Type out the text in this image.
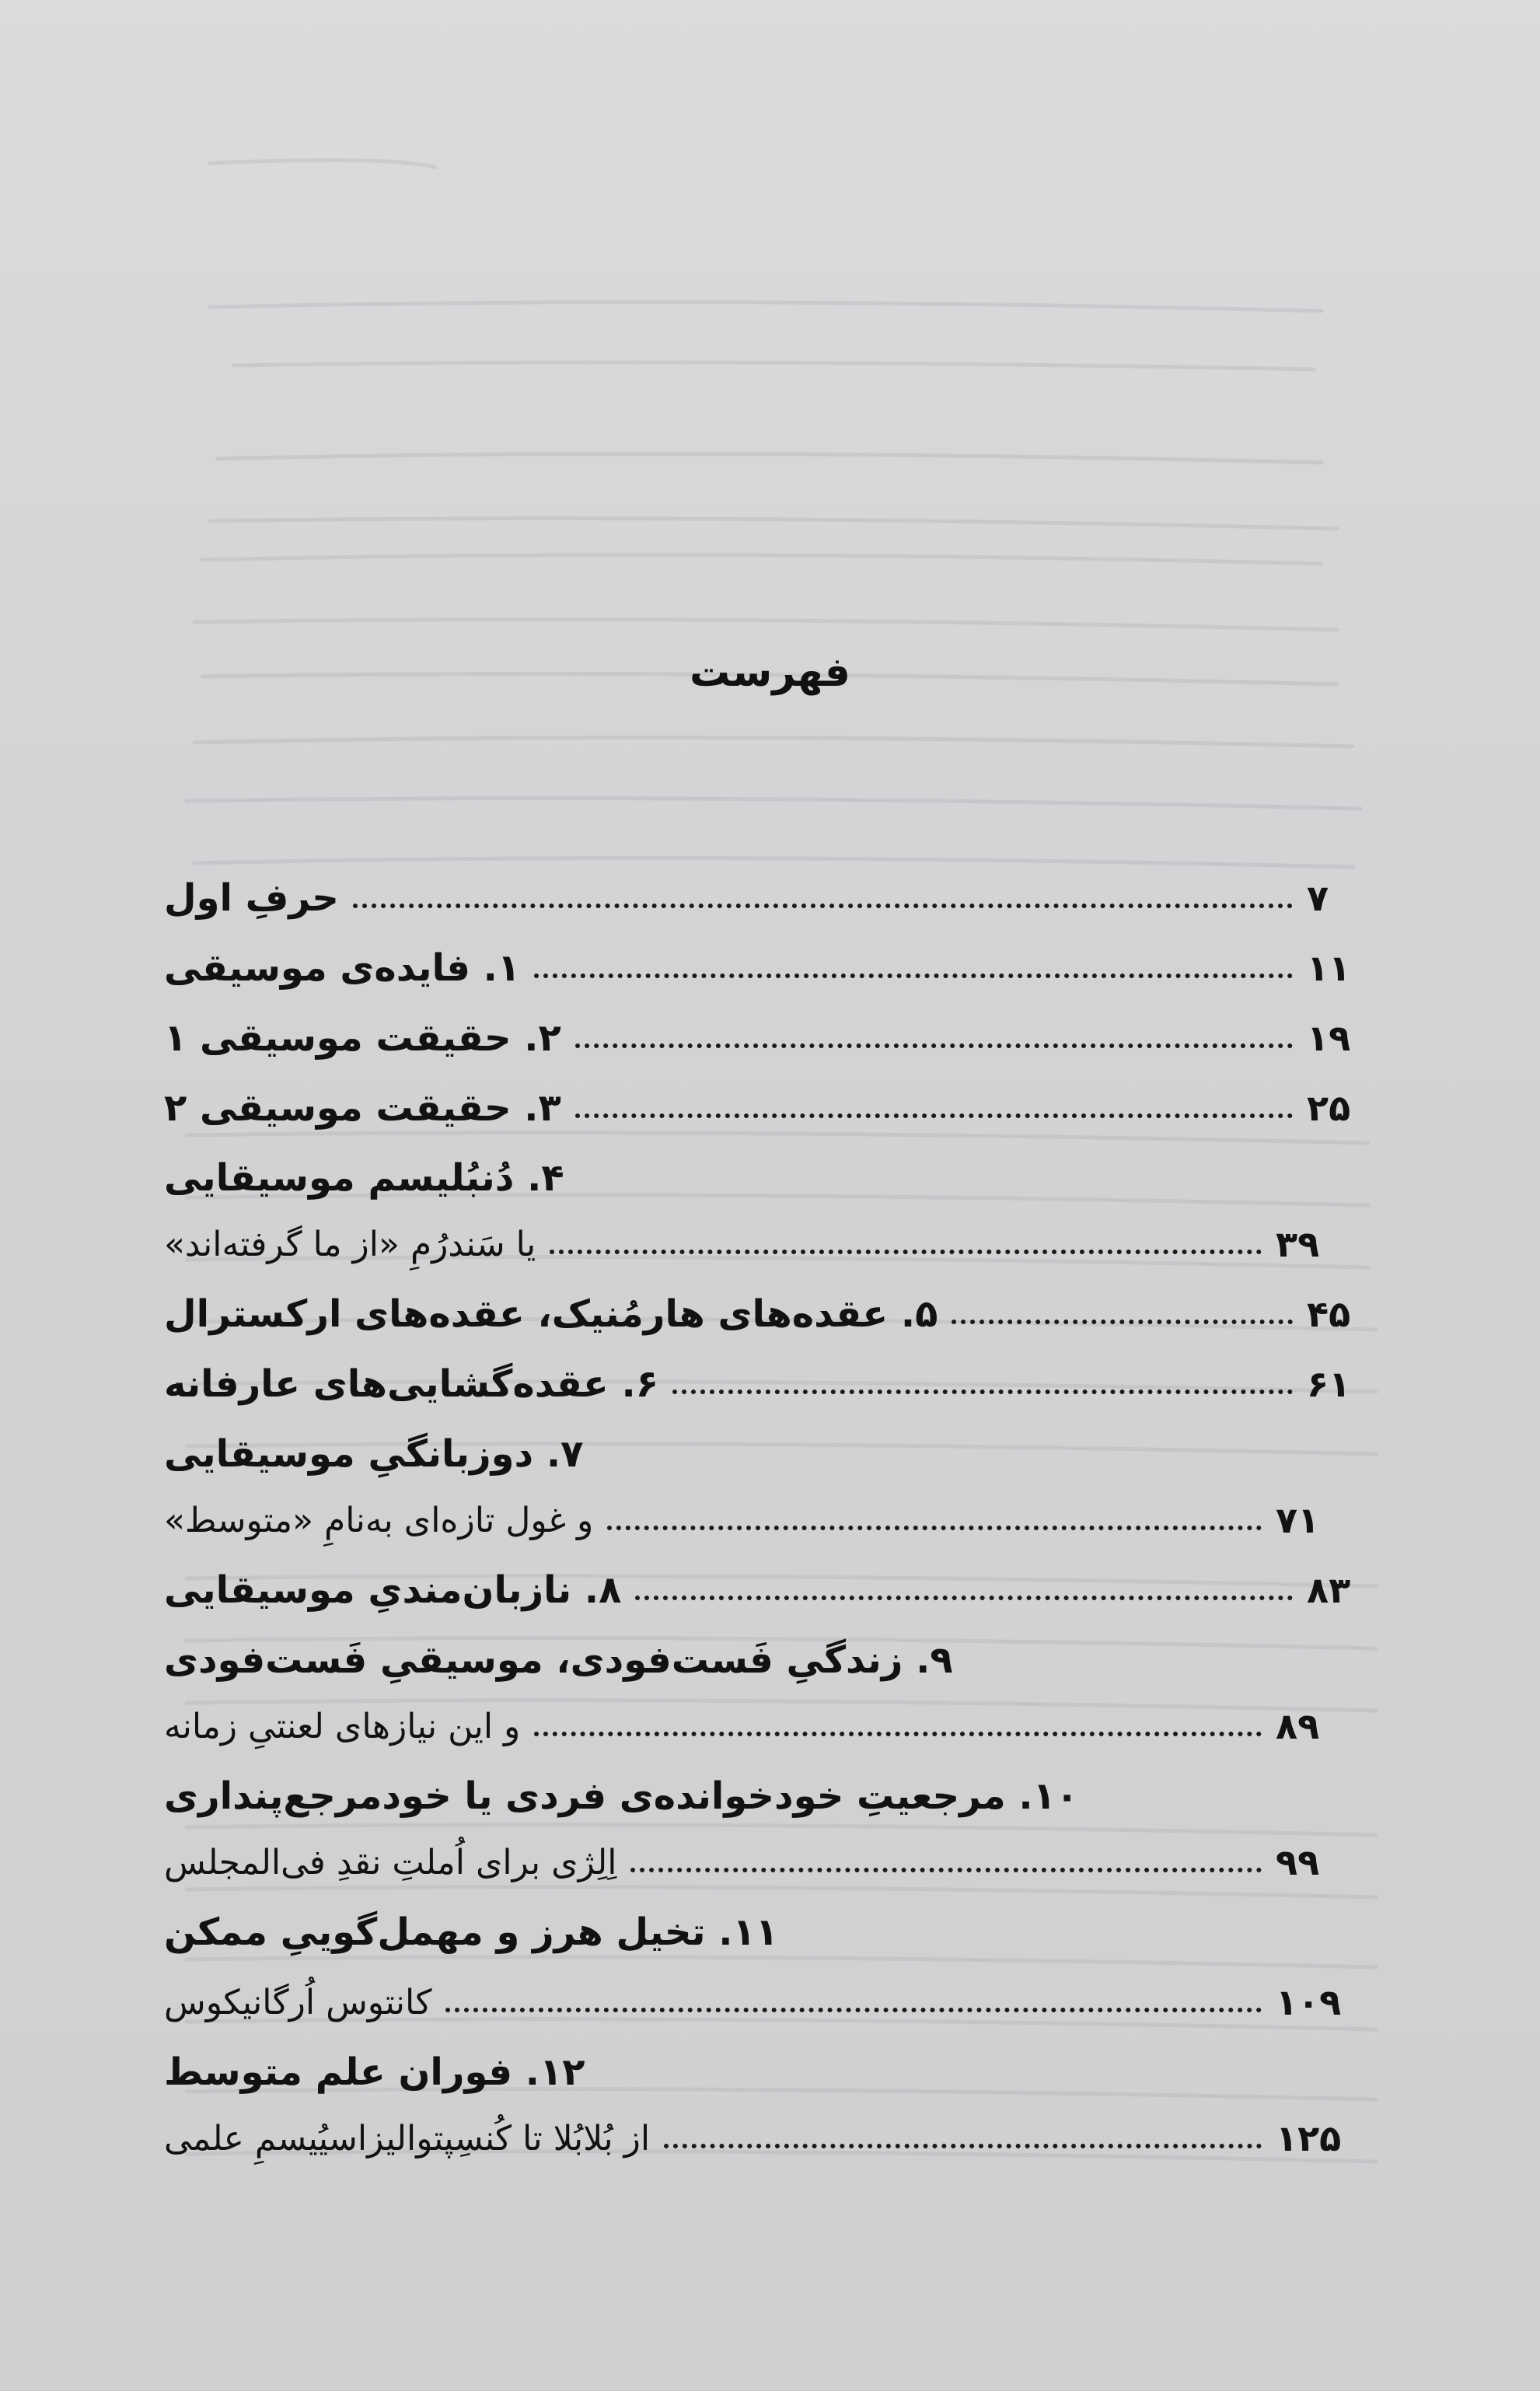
فهرست
حرفِ اول	۷
۱. فایده‌ی موسیقی	۱۱
۲. حقیقت موسیقی ۱	۱۹
۳. حقیقت موسیقی ۲	۲۵
۴. دُنبُلیسم موسیقایی
یا سَندرُمِ «از ما گرفته‌اند»	۳۹
۵. عقده‌های هارمُنیک، عقده‌های ارکسترال	۴۵
۶. عقده‌گشایی‌های عارفانه	۶۱
۷. دوزبانگیِ موسیقایی
و غول تازه‌ای به‌نامِ «متوسط»	۷۱
۸. نازبان‌مندیِ موسیقایی	۸۳
۹. زندگیِ فَست‌فودی، موسیقیِ فَست‌فودی
و این نیازهای لعنتیِ زمانه	۸۹
۱۰. مرجعیتِ خودخوانده‌ی فردی یا خودمرجع‌پنداری
اِلِژی برای اُملتِ نقدِ فی‌المجلس	۹۹
۱۱. تخیل هرز و مهمل‌گوییِ ممکن
کانتوس اُرگانیکوس	۱۰۹
۱۲. فوران علم متوسط
از بُلابُلا تا کُنسِپتوالیزاسیُیسمِ علمی	۱۲۵
